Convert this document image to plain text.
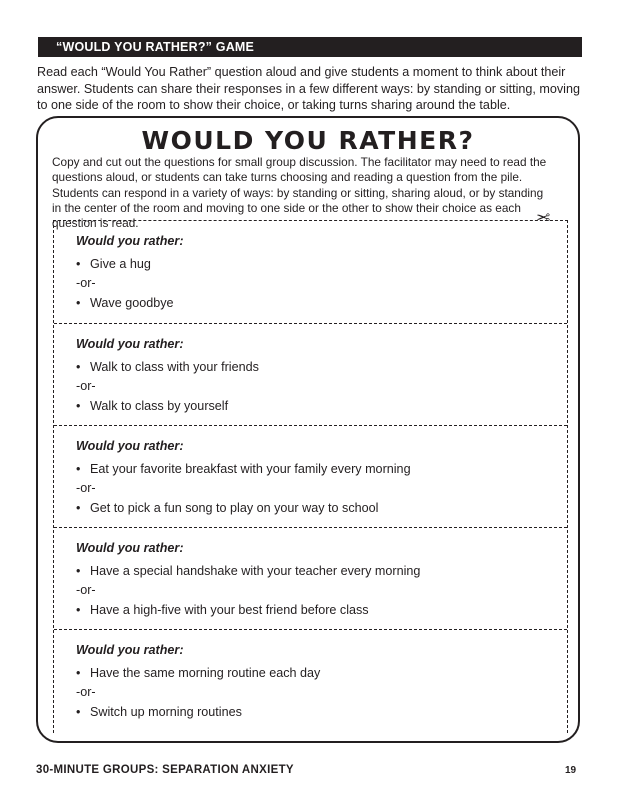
“WOULD YOU RATHER?” GAME
Read each “Would You Rather” question aloud and give students a moment to think about their answer. Students can share their responses in a few different ways: by standing or sitting, moving to one side of the room to show their choice, or taking turns sharing around the table.
WOULD YOU RATHER?
Copy and cut out the questions for small group discussion. The facilitator may need to read the questions aloud, or students can take turns choosing and reading a question from the pile. Students can respond in a variety of ways: by standing or sitting, sharing aloud, or by standing in the center of the room and moving to one side or the other to show their choice as each question is read.	✂
Would you rather:
• Give a hug
-or-
• Wave goodbye
Would you rather:
• Walk to class with your friends
-or-
• Walk to class by yourself
Would you rather:
• Eat your favorite breakfast with your family every morning
-or-
• Get to pick a fun song to play on your way to school
Would you rather:
• Have a special handshake with your teacher every morning
-or-
• Have a high-five with your best friend before class
Would you rather:
• Have the same morning routine each day
-or-
• Switch up morning routines
30-MINUTE GROUPS: SEPARATION ANXIETY	19
